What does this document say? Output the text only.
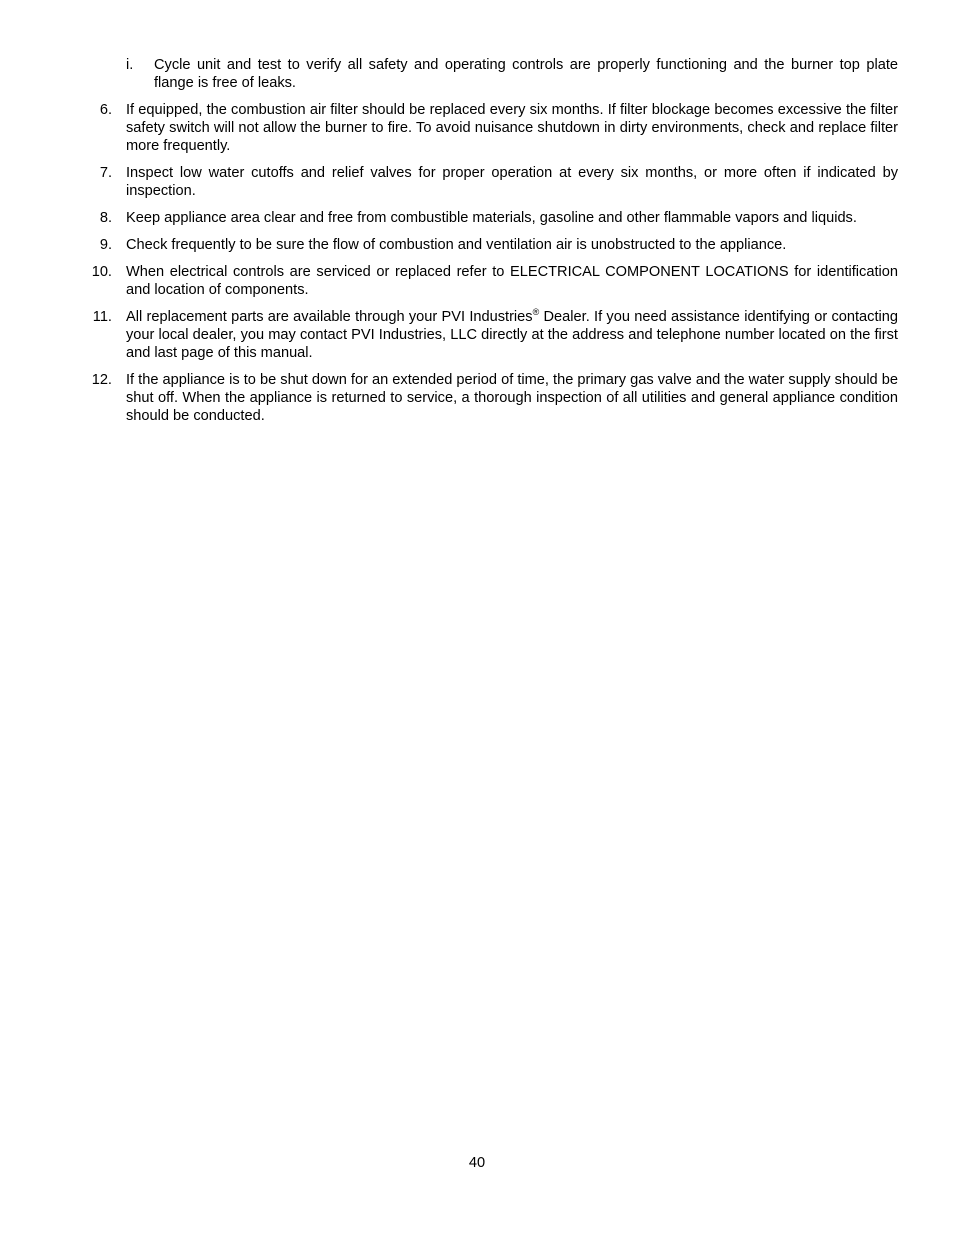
i. Cycle unit and test to verify all safety and operating controls are properly functioning and the burner top plate flange is free of leaks.
6. If equipped, the combustion air filter should be replaced every six months. If filter blockage becomes excessive the filter safety switch will not allow the burner to fire. To avoid nuisance shutdown in dirty environments, check and replace filter more frequently.
7. Inspect low water cutoffs and relief valves for proper operation at every six months, or more often if indicated by inspection.
8. Keep appliance area clear and free from combustible materials, gasoline and other flammable vapors and liquids.
9. Check frequently to be sure the flow of combustion and ventilation air is unobstructed to the appliance.
10. When electrical controls are serviced or replaced refer to ELECTRICAL COMPONENT LOCATIONS for identification and location of components.
11. All replacement parts are available through your PVI Industries® Dealer. If you need assistance identifying or contacting your local dealer, you may contact PVI Industries, LLC directly at the address and telephone number located on the first and last page of this manual.
12. If the appliance is to be shut down for an extended period of time, the primary gas valve and the water supply should be shut off. When the appliance is returned to service, a thorough inspection of all utilities and general appliance condition should be conducted.
40
